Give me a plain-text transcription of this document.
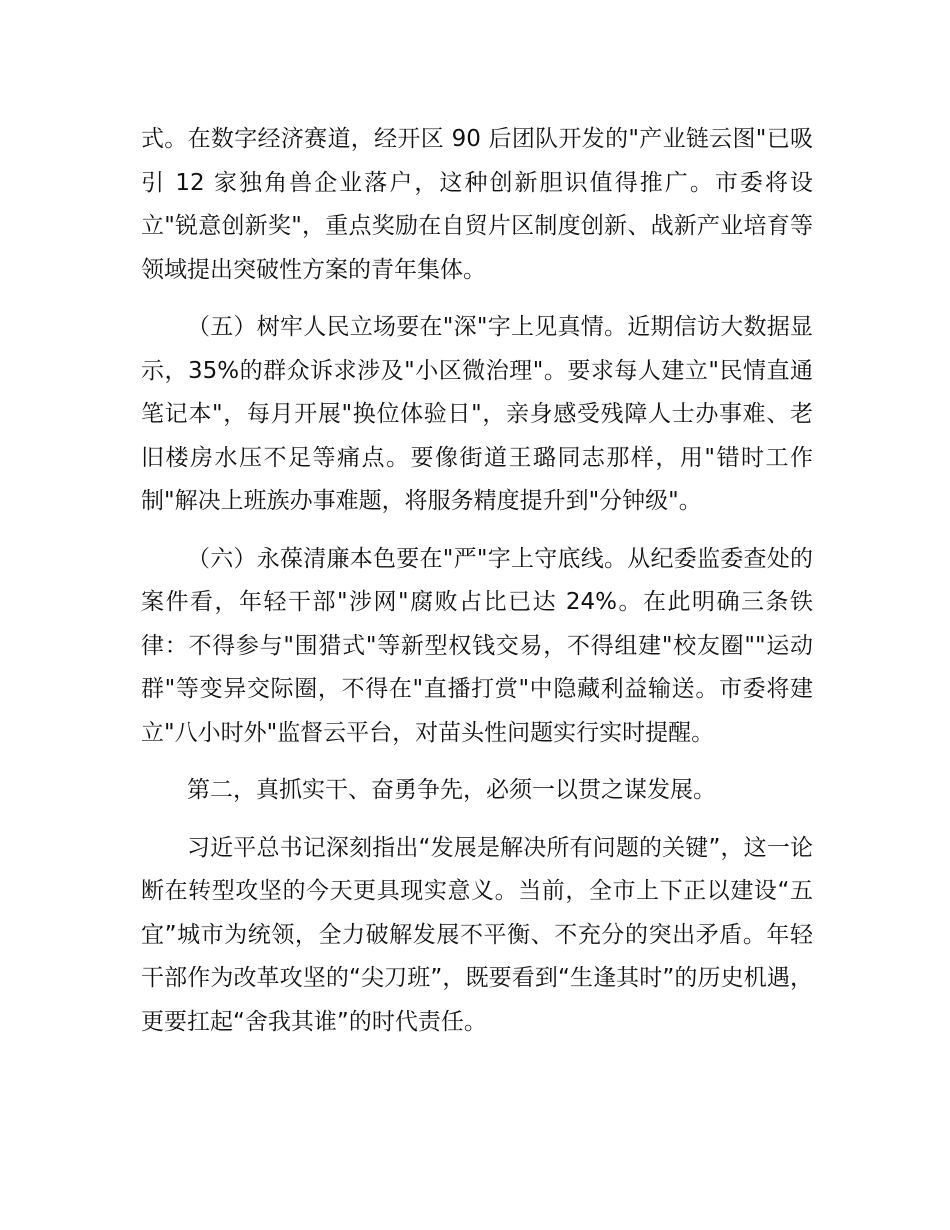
式。在数字经济赛道，经开区 90 后团队开发的"产业链云图"已吸引 12 家独角兽企业落户，这种创新胆识值得推广。市委将设立"锐意创新奖"，重点奖励在自贸片区制度创新、战新产业培育等领域提出突破性方案的青年集体。

（五）树牢人民立场要在"深"字上见真情。近期信访大数据显示，35%的群众诉求涉及"小区微治理"。要求每人建立"民情直通笔记本"，每月开展"换位体验日"，亲身感受残障人士办事难、老旧楼房水压不足等痛点。要像街道王璐同志那样，用"错时工作制"解决上班族办事难题，将服务精度提升到"分钟级"。

（六）永葆清廉本色要在"严"字上守底线。从纪委监委查处的案件看，年轻干部"涉网"腐败占比已达 24%。在此明确三条铁律：不得参与"围猎式"等新型权钱交易，不得组建"校友圈""运动群"等变异交际圈，不得在"直播打赏"中隐藏利益输送。市委将建立"八小时外"监督云平台，对苗头性问题实行实时提醒。

第二，真抓实干、奋勇争先，必须一以贯之谋发展。

习近平总书记深刻指出“发展是解决所有问题的关键”，这一论断在转型攻坚的今天更具现实意义。当前，全市上下正以建设“五宜”城市为统领，全力破解发展不平衡、不充分的突出矛盾。年轻干部作为改革攻坚的“尖刀班”，既要看到“生逢其时”的历史机遇，更要扛起“舍我其谁”的时代责任。
